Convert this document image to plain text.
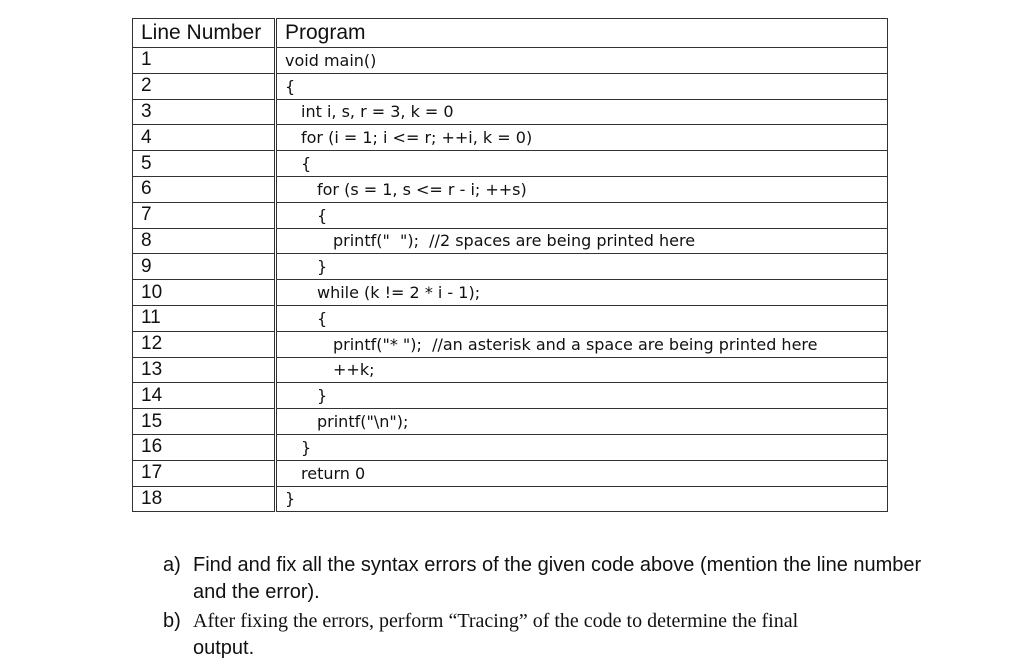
Line Number	Program
1	void main()
2	{
3	int i, s, r = 3, k = 0
4	for (i = 1; i <= r; ++i, k = 0)
5	{
6	for (s = 1, s <= r - i; ++s)
7	{
8	printf("  ");  //2 spaces are being printed here
9	}
10	while (k != 2 * i - 1);
11	{
12	printf("* ");  //an asterisk and a space are being printed here
13	++k;
14	}
15	printf("\n");
16	}
17	return 0
18	}
a) Find and fix all the syntax errors of the given code above (mention the line number and the error).
b) After fixing the errors, perform “Tracing” of the code to determine the final
output.
